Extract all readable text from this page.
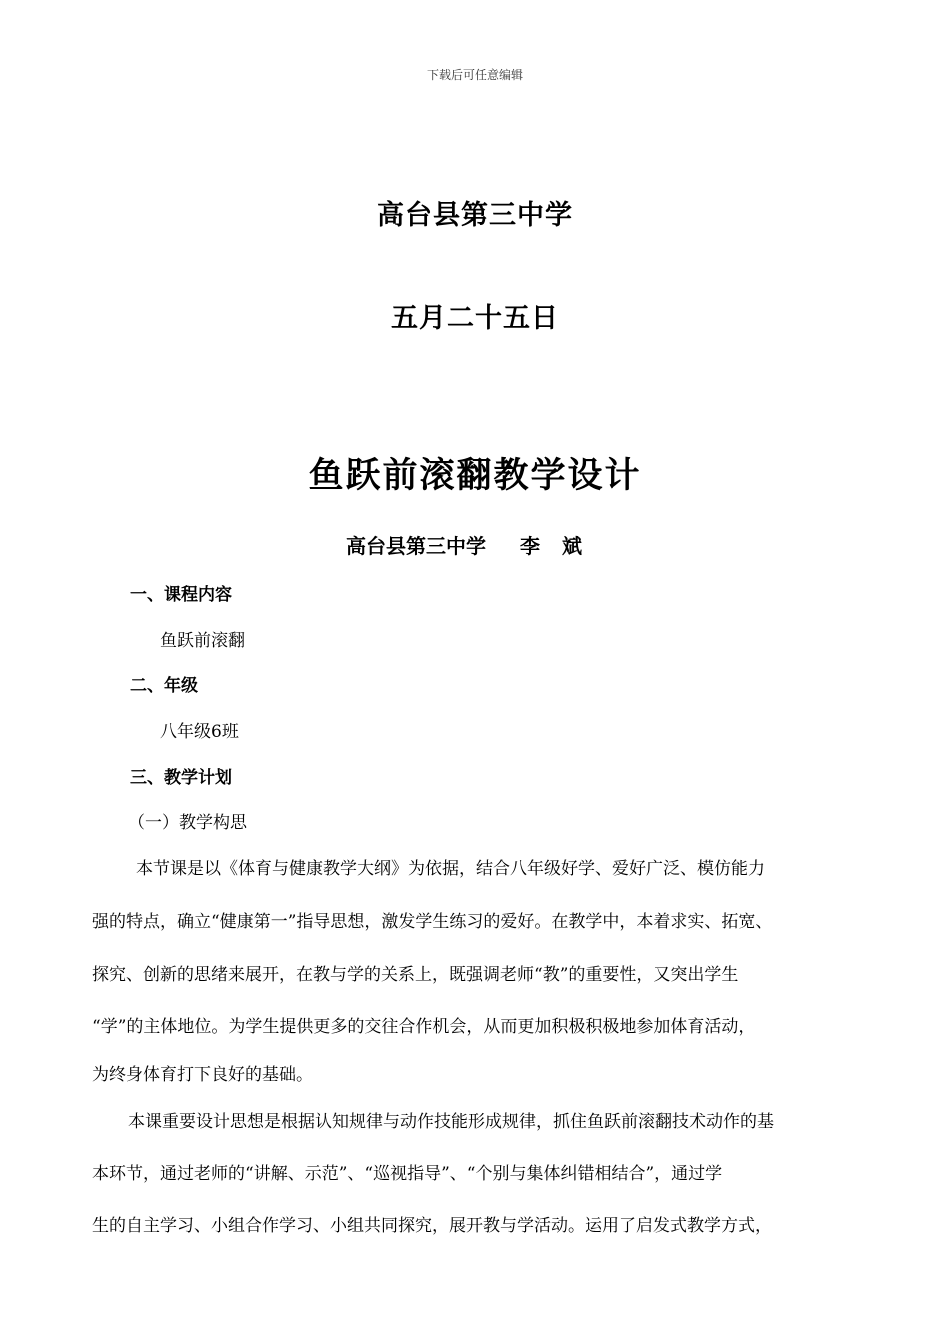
下载后可任意编辑
高台县第三中学
五月二十五日
鱼跃前滚翻教学设计
高台县第三中学 李斌
一、课程内容
鱼跃前滚翻
二、年级
八年级6班
三、教学计划
（一）教学构思
本节课是以《体育与健康教学大纲》为依据，结合八年级好学、爱好广泛、模仿能力
强的特点，确立“健康第一”指导思想，激发学生练习的爱好。在教学中，本着求实、拓宽、
探究、创新的思绪来展开，在教与学的关系上，既强调老师“教”的重要性，又突出学生
“学”的主体地位。为学生提供更多的交往合作机会，从而更加积极积极地参加体育活动，
为终身体育打下良好的基础。
本课重要设计思想是根据认知规律与动作技能形成规律，抓住鱼跃前滚翻技术动作的基
本环节，通过老师的“讲解、示范”、“巡视指导”、“个别与集体纠错相结合”，通过学
生的自主学习、小组合作学习、小组共同探究，展开教与学活动。运用了启发式教学方式，
